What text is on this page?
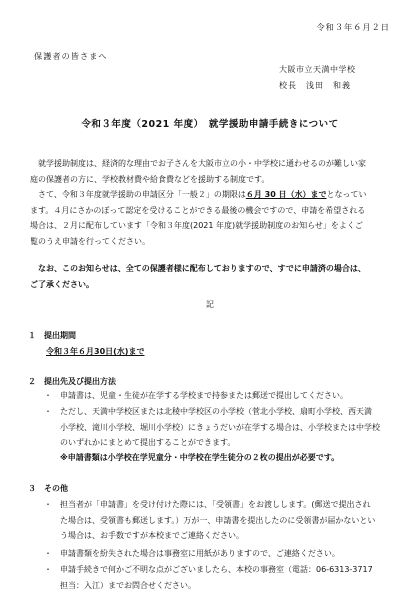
令和３年６月２日
保護者の皆さまへ
大阪市立天満中学校
校長　浅田　和義
令和３年度（2021 年度）　就学援助申請手続きについて
就学援助制度は、経済的な理由でお子さんを大阪市立の小・中学校に通わせるのが難しい家
庭の保護者の方に、学校教材費や給食費などを援助する制度です。
さて、令和３年度就学援助の申請区分「一般２」の期限は６月 30 日（水）までとなってい
ます。４月にさかのぼって認定を受けることができる最後の機会ですので、申請を希望される
場合は、２月に配布しています「令和３年度(2021 年度)就学援助制度のお知らせ」をよくご
覧のうえ申請を行ってください。
なお、このお知らせは、全ての保護者様に配布しておりますので、すでに申請済の場合は、
ご了承ください。
記
１　提出期間
令和３年６月30日(水)まで
２　提出先及び提出方法
・ 申請書は、児童・生徒が在学する学校まで持参または郵送で提出してください。
・ ただし、天満中学校区または北稜中学校区の小学校（菅北小学校、扇町小学校、西天満
小学校、滝川小学校、堀川小学校）にきょうだいが在学する場合は、小学校または中学校
のいずれかにまとめて提出することができます。
※申請書類は小学校在学児童分・中学校在学生徒分の２枚の提出が必要です。
３　その他
・ 担当者が「申請書」を受け付けた際には、「受領書」をお渡しします。(郵送で提出され
た場合は、受領書も郵送します。）万が一、申請書を提出したのに受領書が届かないとい
う場合は、お手数ですが本校までご連絡ください。
・ 申請書類を紛失された場合は事務室に用紙がありますので、ご連絡ください。
・ 申請手続きで何かご不明な点がございましたら、本校の事務室（電話：06-6313-3717
担当：入江）までお問合せください。
